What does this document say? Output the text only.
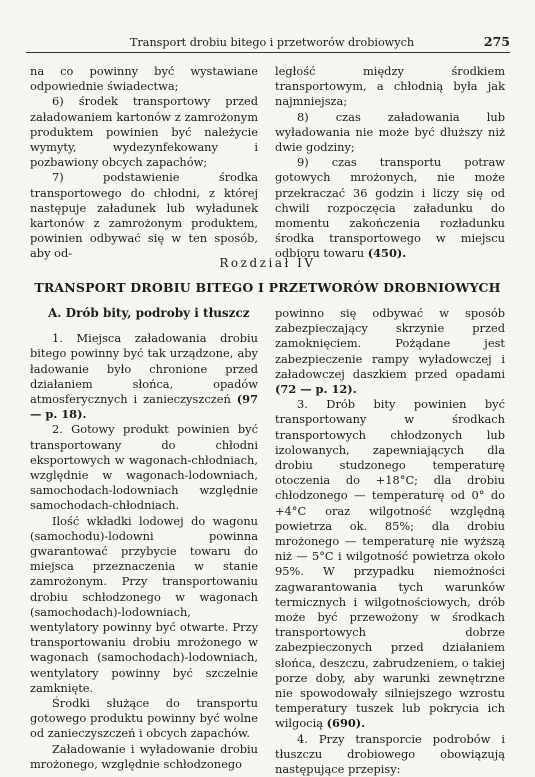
Transport drobiu bitego i przetworów drobiowych	275

na co powinny być wystawiane odpowiednie świadectwa;

6) środek transportowy przed załadowaniem kartonów z zamrożonym produktem powinien być należycie wymyty, wydezynfekowany i pozbawiony obcych zapachów;

7) podstawienie środka transportowego do chłodni, z której następuje załadunek lub wyładunek kartonów z zamrożonym produktem, powinien odbywać się w ten sposób, aby od-

ległość między środkiem transportowym, a chłodnią była jak najmniejsza;

8) czas załadowania lub wyładowania nie może być dłuższy niż dwie godziny;

9) czas transportu potraw gotowych mrożonych, nie może przekraczać 36 godzin i liczy się od chwili rozpoczęcia załadunku do momentu zakończenia rozładunku środka transportowego w miejscu odbioru towaru (450).

Rozdział IV
TRANSPORT DROBIU BITEGO I PRZETWORÓW DROBNIOWYCH

A. Drób bity, podroby i tłuszcz

1. Miejsca załadowania drobiu bitego powinny być tak urządzone, aby ładowanie było chronione przed działaniem słońca, opadów atmosferycznych i zanieczyszczeń (97 — p. 18).

2. Gotowy produkt powinien być transportowany do chłodni eksportowych w wagonach-chłodniach, względnie w wagonach-lodowniach, samochodach-lodowniach względnie samochodach-chłodniach.

Ilość wkładki lodowej do wagonu (samochodu)-lodowni powinna gwarantować przybycie towaru do miejsca przeznaczenia w stanie zamrożonym. Przy transportowaniu drobiu schłodzonego w wagonach (samochodach)-lodowniach, wentylatory powinny być otwarte. Przy transportowaniu drobiu mrożonego w wagonach (samochodach)-lodowniach, wentylatory powinny być szczelnie zamknięte.

Środki służące do transportu gotowego produktu powinny być wolne od zanieczyszczeń i obcych zapachów.

Załadowanie i wyładowanie drobiu mrożonego, względnie schłodzonego

powinno się odbywać w sposób zabezpieczający skrzynie przed zamoknięciem. Pożądane jest zabezpieczenie rampy wyładowczej i załadowczej daszkiem przed opadami (72 — p. 12).

3. Drób bity powinien być transportowany w środkach transportowych chłodzonych lub izolowanych, zapewniających dla drobiu studzonego temperaturę otoczenia do +18°C; dla drobiu chłodzonego — temperaturę od 0° do +4°C oraz wilgotność względną powietrza ok. 85%; dla drobiu mrożonego — temperaturę nie wyższą niż — 5°C i wilgotność powietrza około 95%. W przypadku niemożności zagwarantowania tych warunków termicznych i wilgotnościowych, drób może być przewożony w środkach transportowych dobrze zabezpieczonych przed działaniem słońca, deszczu, zabrudzeniem, o takiej porze doby, aby warunki zewnętrzne nie spowodowały silniejszego wzrostu temperatury tuszek lub pokrycia ich wilgocią (690).

4. Przy transporcie podrobów i tłuszczu drobiowego obowiązują następujące przepisy:
